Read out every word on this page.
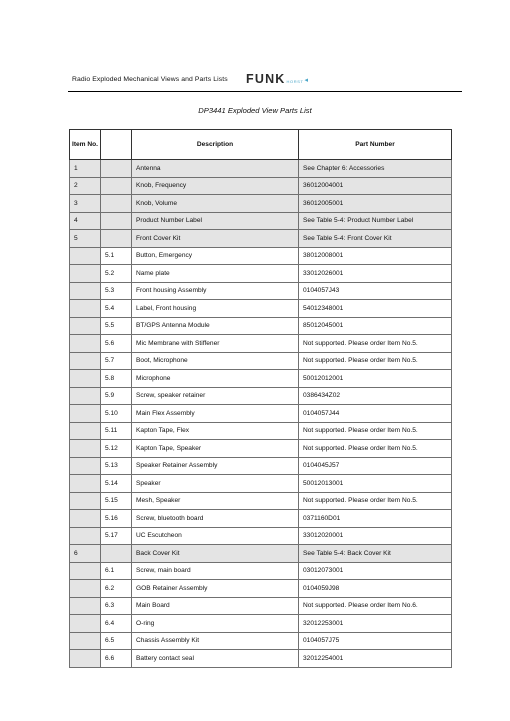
Radio Exploded Mechanical Views and Parts Lists FUNK HORST ◂
DP3441 Exploded View Parts List
Item No.		Description	Part Number
1		Antenna	See Chapter 6: Accessories
2		Knob, Frequency	36012004001
3		Knob, Volume	36012005001
4		Product Number Label	See Table 5-4: Product Number Label
5		Front Cover Kit	See Table 5-4: Front Cover Kit
	5.1	Button, Emergency	38012008001
	5.2	Name plate	33012026001
	5.3	Front housing Assembly	0104057J43
	5.4	Label, Front housing	54012348001
	5.5	BT/GPS Antenna Module	85012045001
	5.6	Mic Membrane with Stiffener	Not supported. Please order Item No.5.
	5.7	Boot, Microphone	Not supported. Please order Item No.5.
	5.8	Microphone	50012012001
	5.9	Screw, speaker retainer	0386434Z02
	5.10	Main Flex Assembly	0104057J44
	5.11	Kapton Tape, Flex	Not supported. Please order Item No.5.
	5.12	Kapton Tape, Speaker	Not supported. Please order Item No.5.
	5.13	Speaker Retainer Assembly	0104045J57
	5.14	Speaker	50012013001
	5.15	Mesh, Speaker	Not supported. Please order Item No.5.
	5.16	Screw, bluetooth board	0371160D01
	5.17	UC Escutcheon	33012020001
6		Back Cover Kit	See Table 5-4: Back Cover Kit
	6.1	Screw, main board	03012073001
	6.2	GOB Retainer Assembly	0104059J98
	6.3	Main Board	Not supported. Please order Item No.6.
	6.4	O-ring	32012253001
	6.5	Chassis Assembly Kit	0104057J75
	6.6	Battery contact seal	32012254001
